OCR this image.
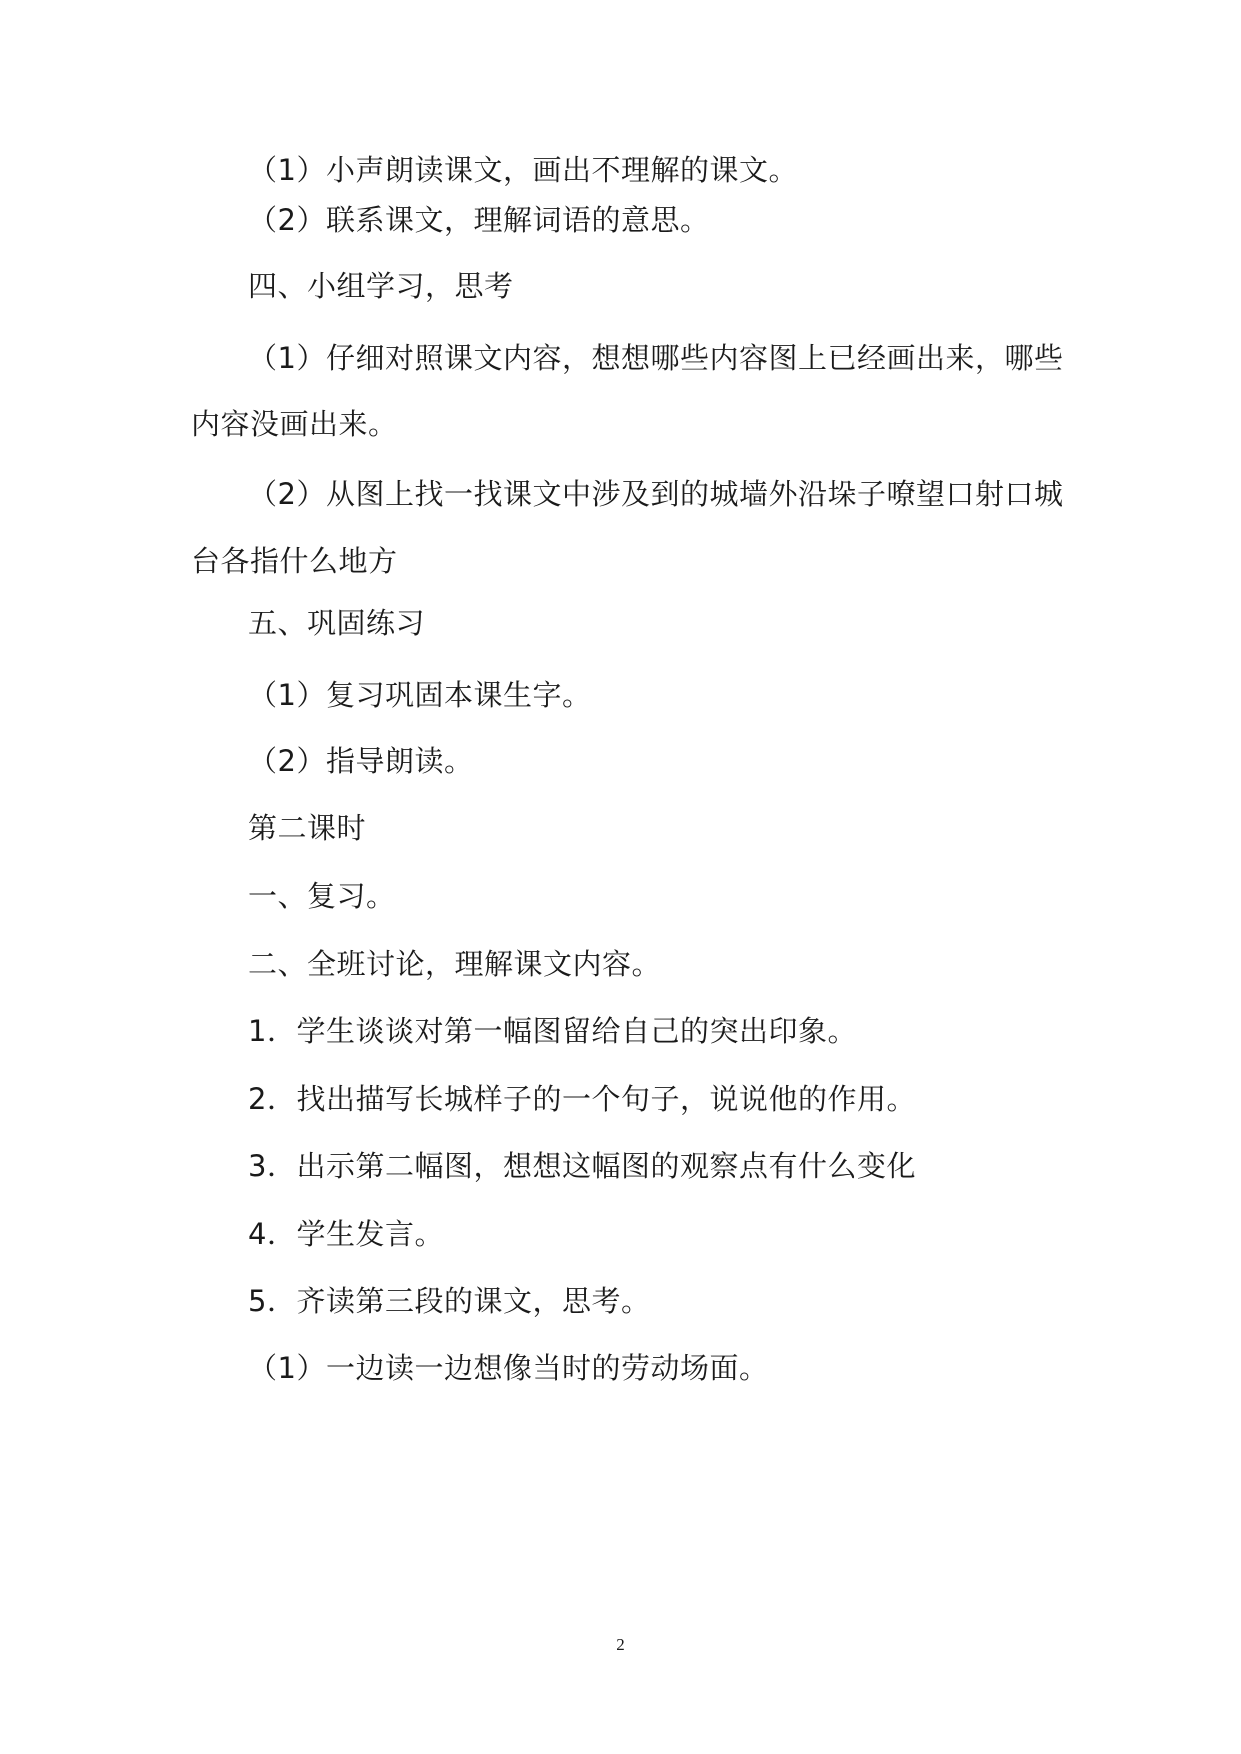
（1）小声朗读课文，画出不理解的课文。
（2）联系课文，理解词语的意思。
四、小组学习，思考
（1）仔细对照课文内容，想想哪些内容图上已经画出来，哪些
内容没画出来。
（2）从图上找一找课文中涉及到的城墙外沿垛子嘹望口射口城
台各指什么地方
五、巩固练习
（1）复习巩固本课生字。
（2）指导朗读。
第二课时
一、复习。
二、全班讨论，理解课文内容。
1．学生谈谈对第一幅图留给自己的突出印象。
2．找出描写长城样子的一个句子，说说他的作用。
3．出示第二幅图，想想这幅图的观察点有什么变化
4．学生发言。
5．齐读第三段的课文，思考。
（1）一边读一边想像当时的劳动场面。
2
